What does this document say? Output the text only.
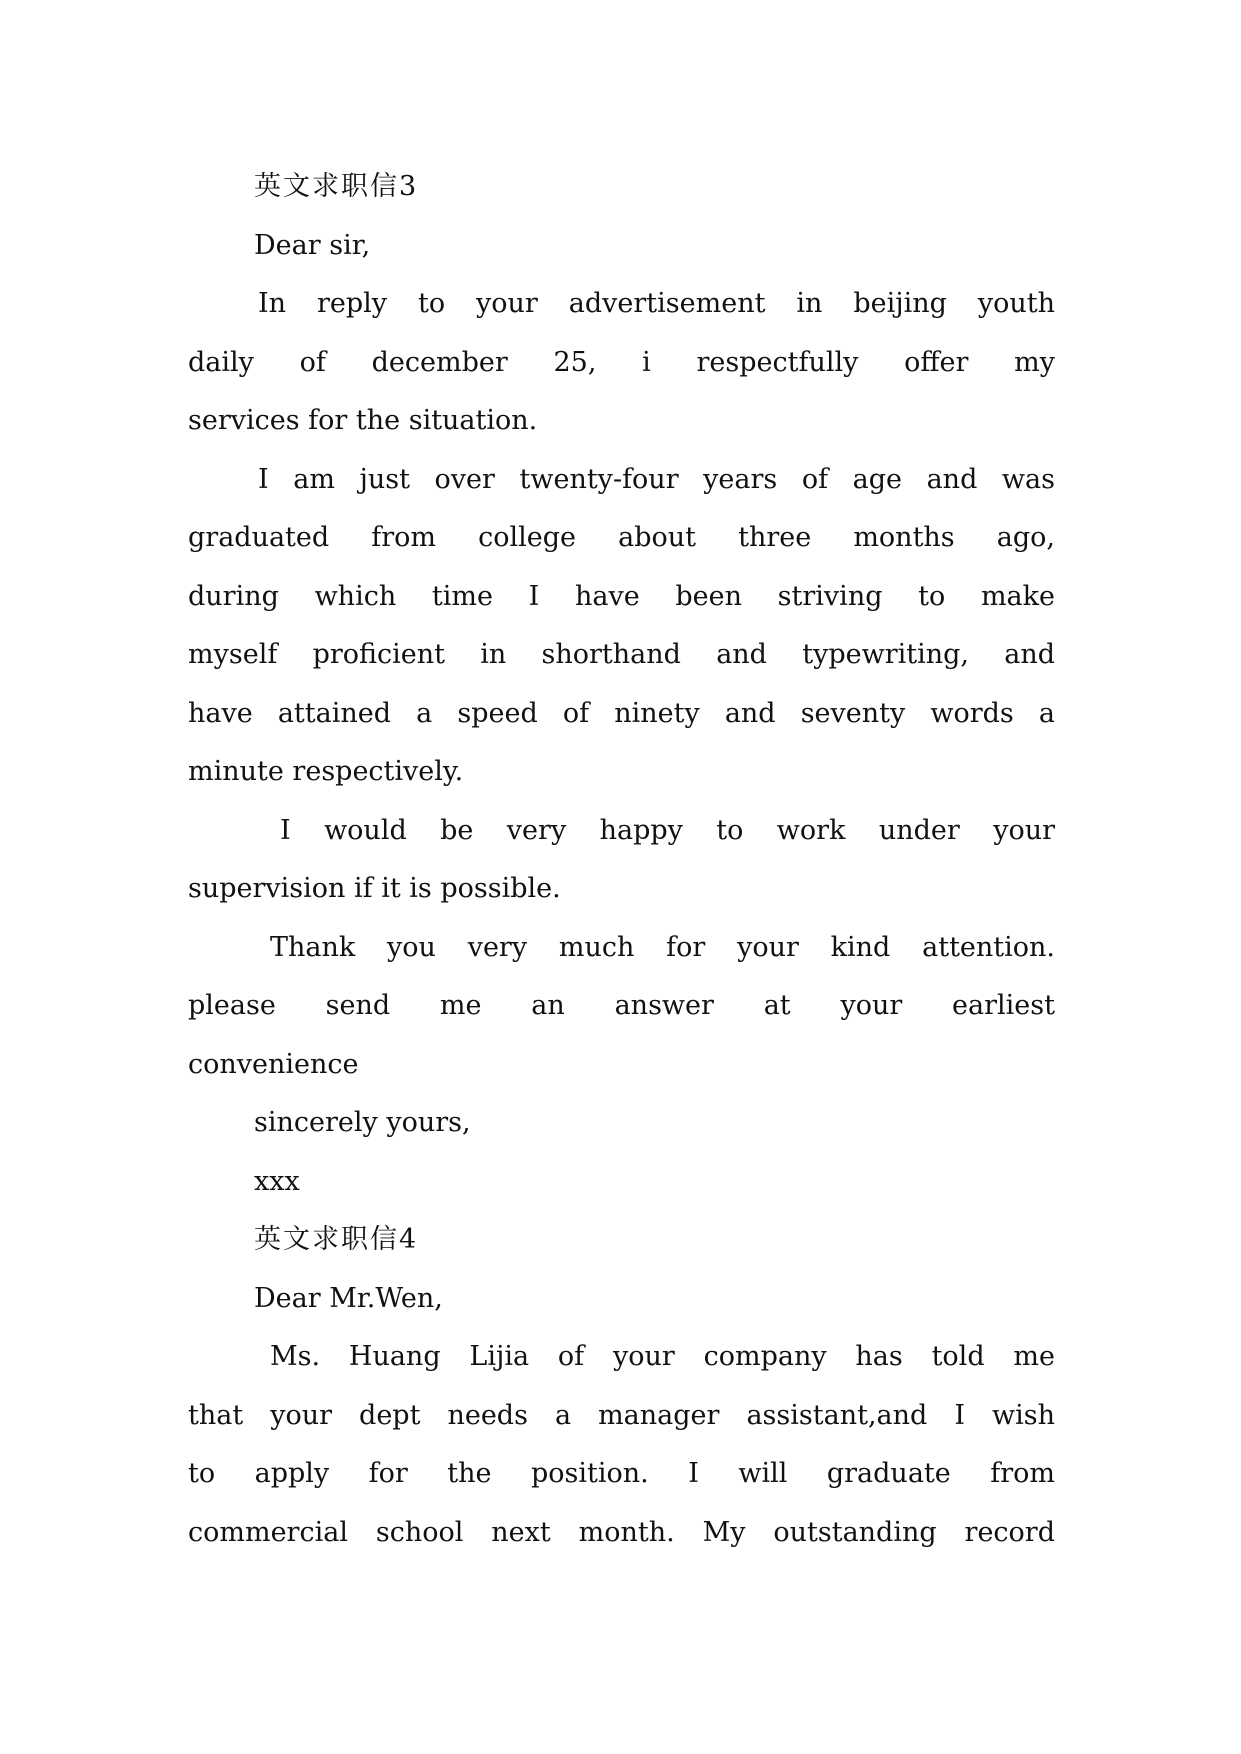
英文求职信3
Dear sir,
In reply to your advertisement in beijing youth
daily of december 25, i respectfully offer my
services for the situation.
I am just over twenty-four years of age and was
graduated from college about three months ago,
during which time I have been striving to make
myself proficient in shorthand and typewriting, and
have attained a speed of ninety and seventy words a
minute respectively.
I would be very happy to work under your
supervision if it is possible.
Thank you very much for your kind attention.
please send me an answer at your earliest
convenience
sincerely yours,
xxx
英文求职信4
Dear Mr.Wen,
Ms. Huang Lijia of your company has told me
that your dept needs a manager assistant,and I wish
to apply for the position. I will graduate from
commercial school next month. My outstanding record
